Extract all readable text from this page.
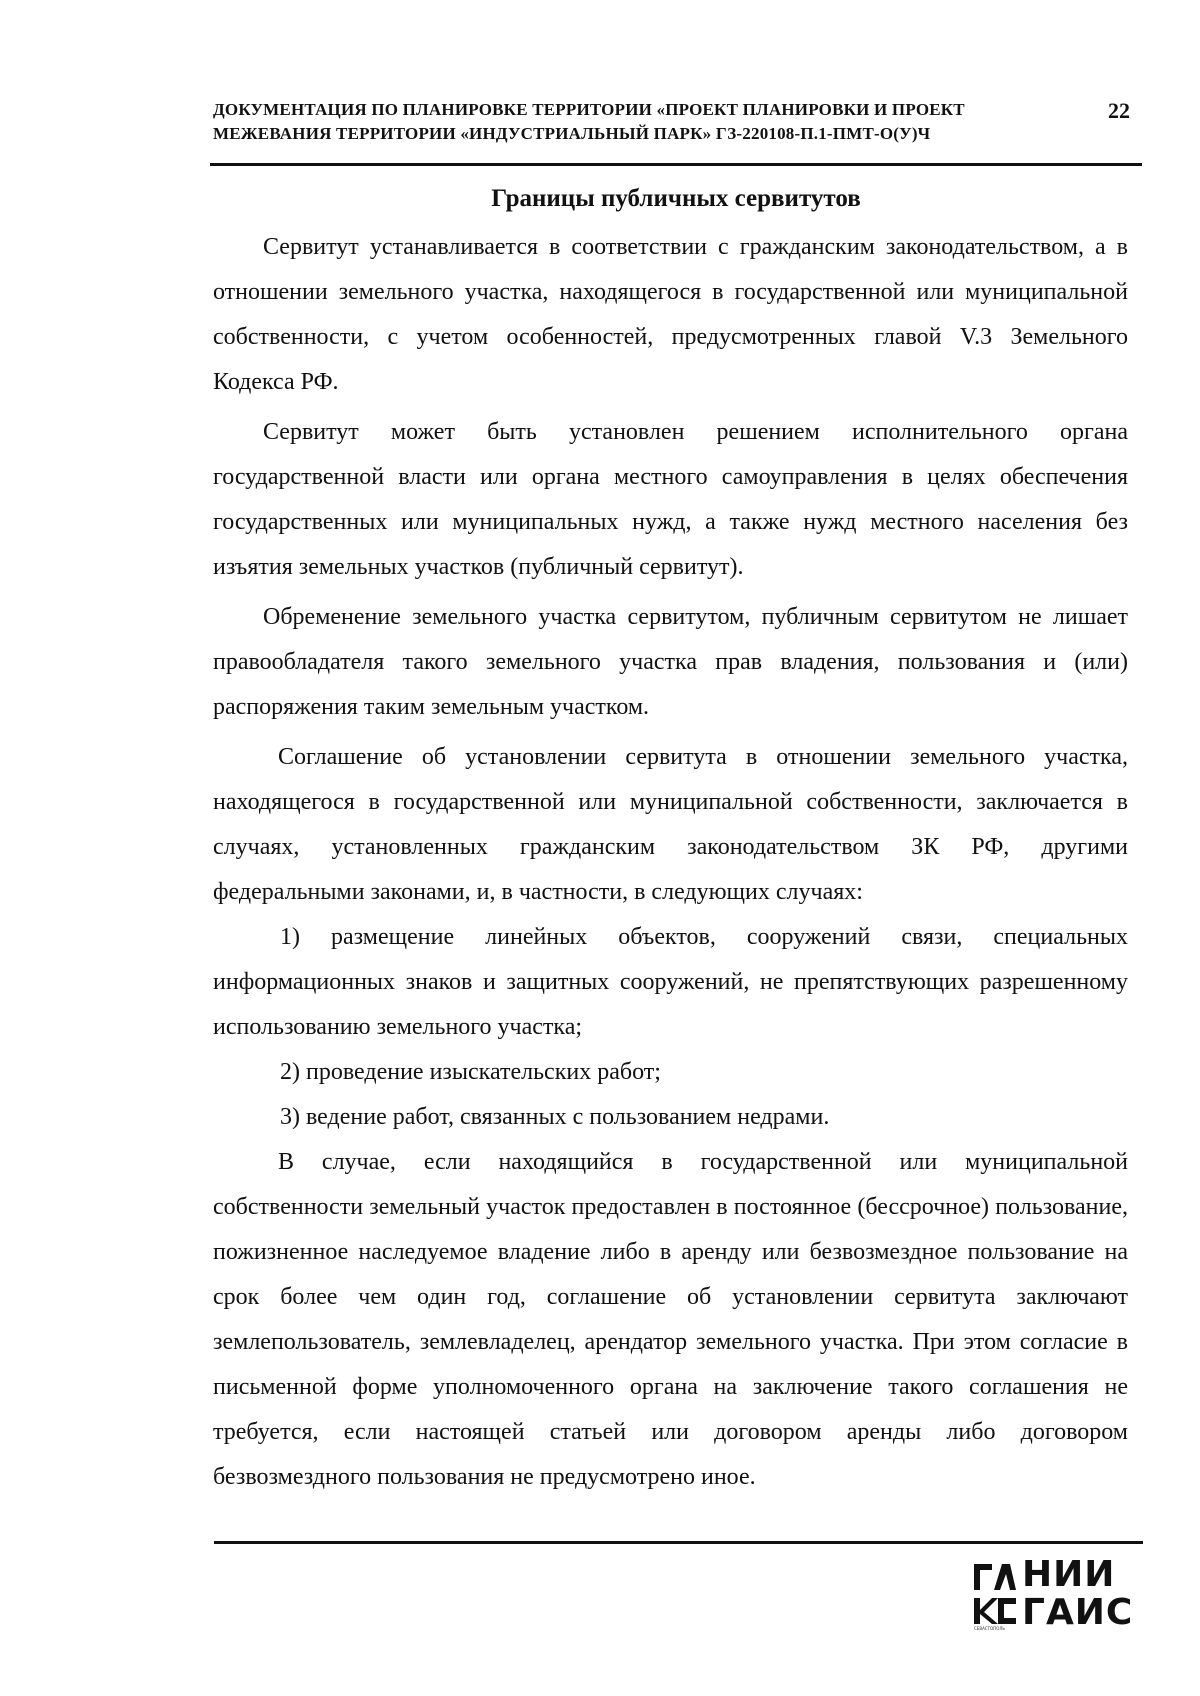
ДОКУМЕНТАЦИЯ ПО ПЛАНИРОВКЕ ТЕРРИТОРИИ «ПРОЕКТ ПЛАНИРОВКИ И ПРОЕКТ
МЕЖЕВАНИЯ ТЕРРИТОРИИ «ИНДУСТРИАЛЬНЫЙ ПАРК» ГЗ-220108-П.1-ПМТ-О(У)Ч
22
Границы публичных сервитутов

Сервитут устанавливается в соответствии с гражданским законодательством, а в отношении земельного участка, находящегося в государственной или муниципальной собственности, с учетом особенностей, предусмотренных главой V.3 Земельного Кодекса РФ.

Сервитут может быть установлен решением исполнительного органа государственной власти или органа местного самоуправления в целях обеспечения государственных или муниципальных нужд, а также нужд местного населения без изъятия земельных участков (публичный сервитут).

Обременение земельного участка сервитутом, публичным сервитутом не лишает правообладателя такого земельного участка прав владения, пользования и (или) распоряжения таким земельным участком.

Соглашение об установлении сервитута в отношении земельного участка, находящегося в государственной или муниципальной собственности, заключается в случаях, установленных гражданским законодательством ЗК РФ, другими федеральными законами, и, в частности, в следующих случаях:

1) размещение линейных объектов, сооружений связи, специальных информационных знаков и защитных сооружений, не препятствующих разрешенному использованию земельного участка;

2) проведение изыскательских работ;

3) ведение работ, связанных с пользованием недрами.

В случае, если находящийся в государственной или муниципальной собственности земельный участок предоставлен в постоянное (бессрочное) пользование, пожизненное наследуемое владение либо в аренду или безвозмездное пользование на срок более чем один год, соглашение об установлении сервитута заключают землепользователь, землевладелец, арендатор земельного участка. При этом согласие в письменной форме уполномоченного органа на заключение такого соглашения не требуется, если настоящей статьей или договором аренды либо договором безвозмездного пользования не предусмотрено иное.

НИИ
ГАИС
СЕВАСТОПОЛЬ
